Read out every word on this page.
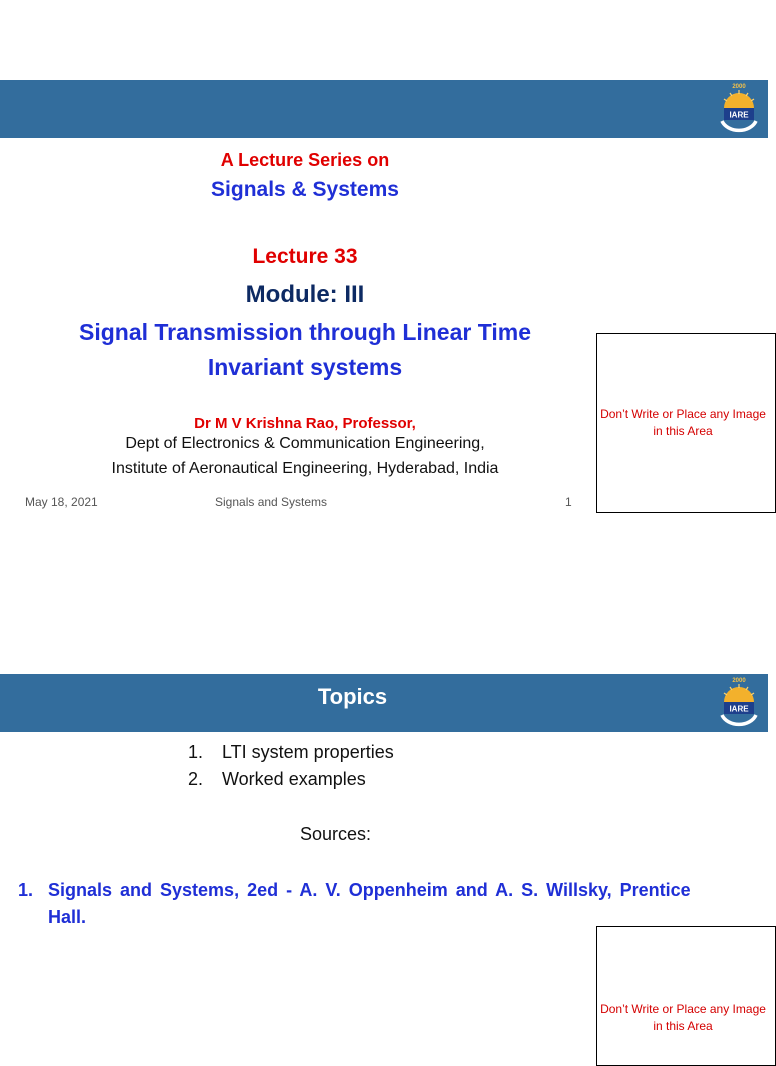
2000
IARE

A Lecture Series on

Signals & Systems

Lecture 33

Module: III

Signal Transmission through Linear Time Invariant systems

Dr M V Krishna Rao, Professor,

Dept of Electronics & Communication Engineering,

Institute of Aeronautical Engineering, Hyderabad, India

May 18, 2021	Signals and Systems	1
Don’t Write or Place any Image in this Area
Topics
2000
IARE
1. LTI system properties
2. Worked examples
Sources:
1. Signals and Systems, 2ed - A. V. Oppenheim and A. S. Willsky, Prentice Hall.
Don’t Write or Place any Image in this Area
